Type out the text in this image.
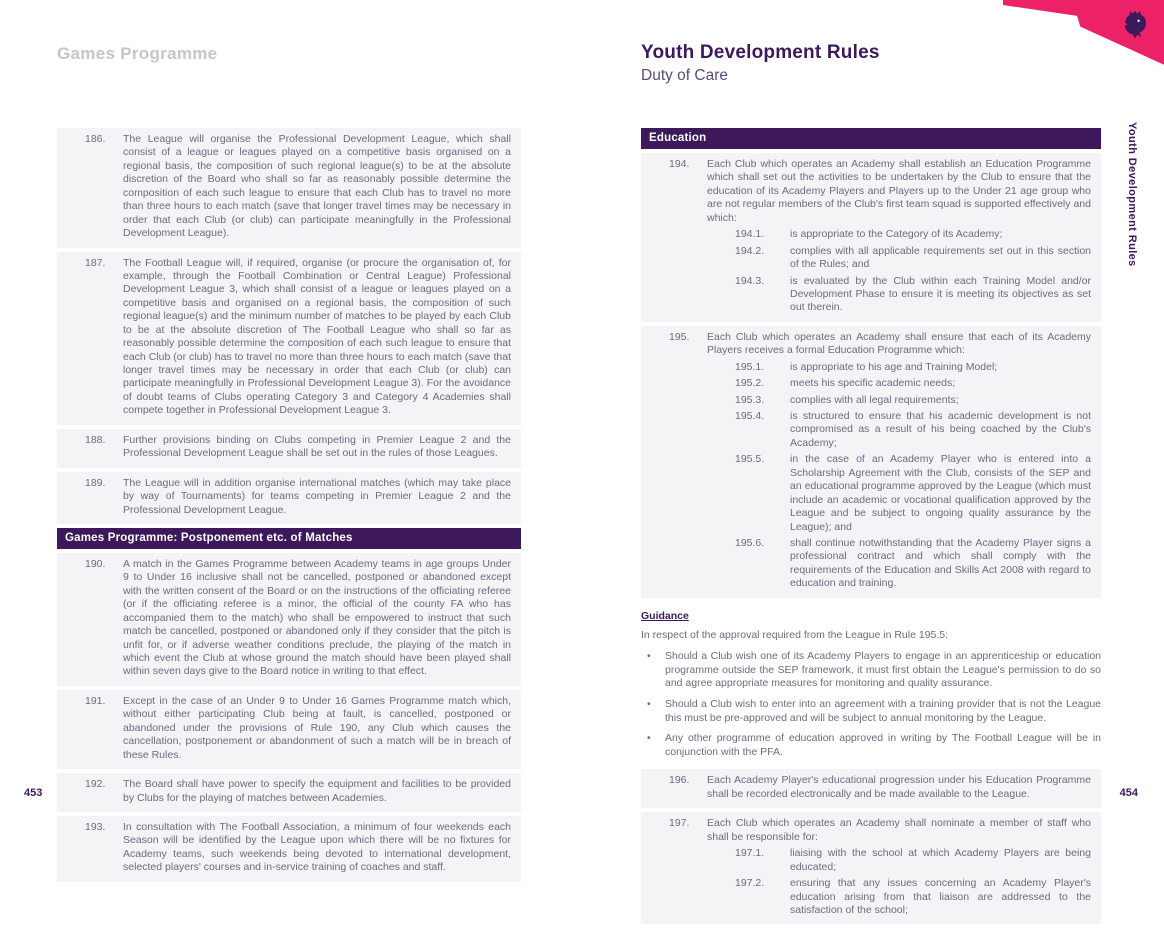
Games Programme
186.	The League will organise the Professional Development League, which shall consist of a league or leagues played on a competitive basis organised on a regional basis, the composition of such regional league(s) to be at the absolute discretion of the Board who shall so far as reasonably possible determine the composition of each such league to ensure that each Club has to travel no more than three hours to each match (save that longer travel times may be necessary in order that each Club (or club) can participate meaningfully in the Professional Development League).
187.	The Football League will, if required, organise (or procure the organisation of, for example, through the Football Combination or Central League) Professional Development League 3, which shall consist of a league or leagues played on a competitive basis and organised on a regional basis, the composition of such regional league(s) and the minimum number of matches to be played by each Club to be at the absolute discretion of The Football League who shall so far as reasonably possible determine the composition of each such league to ensure that each Club (or club) has to travel no more than three hours to each match (save that longer travel times may be necessary in order that each Club (or club) can participate meaningfully in Professional Development League 3). For the avoidance of doubt teams of Clubs operating Category 3 and Category 4 Academies shall compete together in Professional Development League 3.
188.	Further provisions binding on Clubs competing in Premier League 2 and the Professional Development League shall be set out in the rules of those Leagues.
189.	The League will in addition organise international matches (which may take place by way of Tournaments) for teams competing in Premier League 2 and the Professional Development League.
Games Programme: Postponement etc. of Matches
190.	A match in the Games Programme between Academy teams in age groups Under 9 to Under 16 inclusive shall not be cancelled, postponed or abandoned except with the written consent of the Board or on the instructions of the officiating referee (or if the officiating referee is a minor, the official of the county FA who has accompanied them to the match) who shall be empowered to instruct that such match be cancelled, postponed or abandoned only if they consider that the pitch is unfit for, or if adverse weather conditions preclude, the playing of the match in which event the Club at whose ground the match should have been played shall within seven days give to the Board notice in writing to that effect.
191.	Except in the case of an Under 9 to Under 16 Games Programme match which, without either participating Club being at fault, is cancelled, postponed or abandoned under the provisions of Rule 190, any Club which causes the cancellation, postponement or abandonment of such a match will be in breach of these Rules.
192.	The Board shall have power to specify the equipment and facilities to be provided by Clubs for the playing of matches between Academies.
193.	In consultation with The Football Association, a minimum of four weekends each Season will be identified by the League upon which there will be no fixtures for Academy teams, such weekends being devoted to international development, selected players' courses and in-service training of coaches and staff.
Youth Development Rules
Duty of Care
Education
194.	Each Club which operates an Academy shall establish an Education Programme which shall set out the activities to be undertaken by the Club to ensure that the education of its Academy Players and Players up to the Under 21 age group who are not regular members of the Club's first team squad is supported effectively and which:
194.1.	is appropriate to the Category of its Academy;
194.2.	complies with all applicable requirements set out in this section of the Rules; and
194.3.	is evaluated by the Club within each Training Model and/or Development Phase to ensure it is meeting its objectives as set out therein.
195.	Each Club which operates an Academy shall ensure that each of its Academy Players receives a formal Education Programme which:
195.1.	is appropriate to his age and Training Model;
195.2.	meets his specific academic needs;
195.3.	complies with all legal requirements;
195.4.	is structured to ensure that his academic development is not compromised as a result of his being coached by the Club's Academy;
195.5.	in the case of an Academy Player who is entered into a Scholarship Agreement with the Club, consists of the SEP and an educational programme approved by the League (which must include an academic or vocational qualification approved by the League and be subject to ongoing quality assurance by the League); and
195.6.	shall continue notwithstanding that the Academy Player signs a professional contract and which shall comply with the requirements of the Education and Skills Act 2008 with regard to education and training.
Guidance
In respect of the approval required from the League in Rule 195.5:
•	Should a Club wish one of its Academy Players to engage in an apprenticeship or education programme outside the SEP framework, it must first obtain the League's permission to do so and agree appropriate measures for monitoring and quality assurance.
•	Should a Club wish to enter into an agreement with a training provider that is not the League this must be pre-approved and will be subject to annual monitoring by the League.
•	Any other programme of education approved in writing by The Football League will be in conjunction with the PFA.
196.	Each Academy Player's educational progression under his Education Programme shall be recorded electronically and be made available to the League.
197.	Each Club which operates an Academy shall nominate a member of staff who shall be responsible for:
197.1.	liaising with the school at which Academy Players are being educated;
197.2.	ensuring that any issues concerning an Academy Player's education arising from that liaison are addressed to the satisfaction of the school;
Youth Development Rules
453	454
